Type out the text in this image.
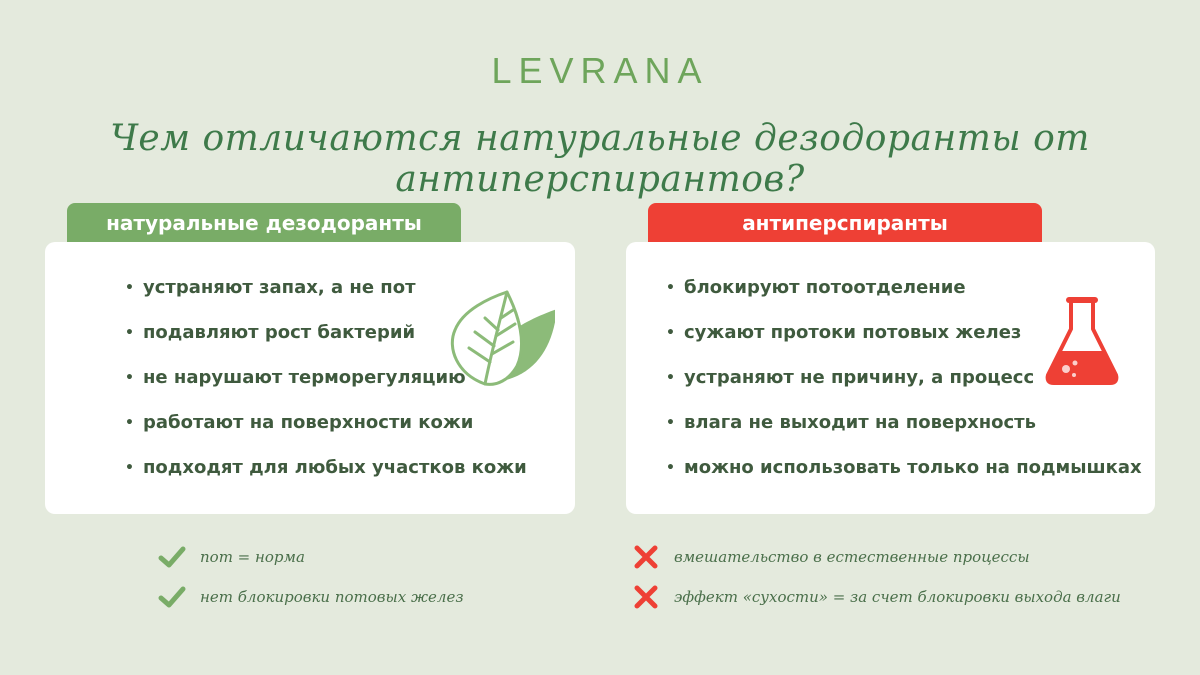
LEVRANA
Чем отличаются натуральные дезодоранты от антиперспирантов?
натуральные дезодоранты
• устраняют запах, а не пот
• подавляют рост бактерий
• не нарушают терморегуляцию
• работают на поверхности кожи
• подходят для любых участков кожи
антиперспиранты
• блокируют потоотделение
• сужают протоки потовых желез
• устраняют не причину, а процесс
• влага не выходит на поверхность
• можно использовать только на подмышках
пот = норма
нет блокировки потовых желез
вмешательство в естественные процессы
эффект «сухости» = за счет блокировки выхода влаги
